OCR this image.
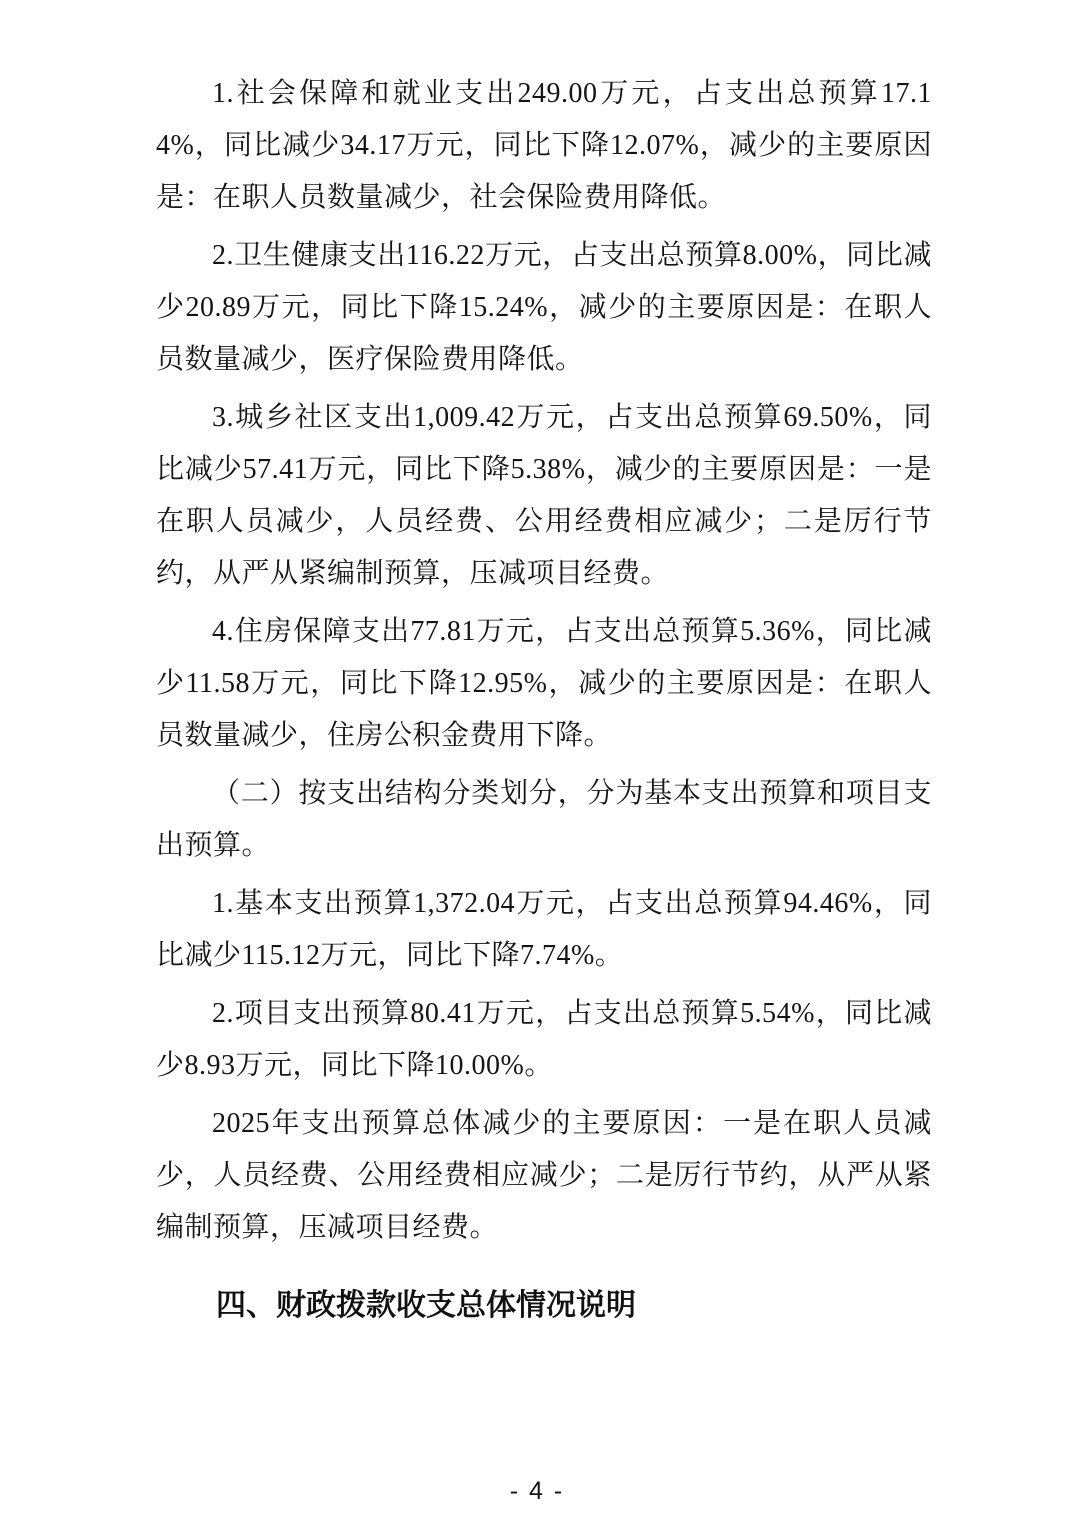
1.社会保障和就业支出249.00万元，占支出总预算17.14%，同比减少34.17万元，同比下降12.07%，减少的主要原因是：在职人员数量减少，社会保险费用降低。

2.卫生健康支出116.22万元，占支出总预算8.00%，同比减少20.89万元，同比下降15.24%，减少的主要原因是：在职人员数量减少，医疗保险费用降低。

3.城乡社区支出1,009.42万元，占支出总预算69.50%，同比减少57.41万元，同比下降5.38%，减少的主要原因是：一是在职人员减少，人员经费、公用经费相应减少；二是厉行节约，从严从紧编制预算，压减项目经费。

4.住房保障支出77.81万元，占支出总预算5.36%，同比减少11.58万元，同比下降12.95%，减少的主要原因是：在职人员数量减少，住房公积金费用下降。

（二）按支出结构分类划分，分为基本支出预算和项目支出预算。

1.基本支出预算1,372.04万元，占支出总预算94.46%，同比减少115.12万元，同比下降7.74%。

2.项目支出预算80.41万元，占支出总预算5.54%，同比减少8.93万元，同比下降10.00%。

2025年支出预算总体减少的主要原因：一是在职人员减少，人员经费、公用经费相应减少；二是厉行节约，从严从紧编制预算，压减项目经费。

四、财政拨款收支总体情况说明
- 4 -
